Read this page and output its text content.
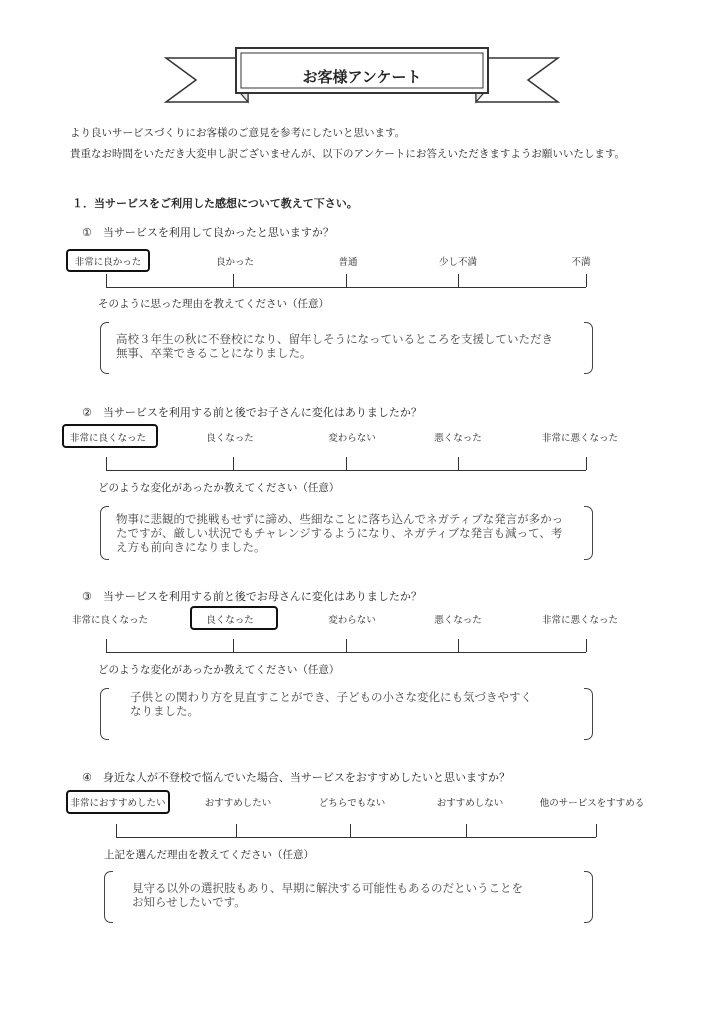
お客様アンケート
より良いサービスづくりにお客様のご意見を参考にしたいと思います。
貴重なお時間をいただき大変申し訳ございませんが、以下のアンケートにお答えいただきますようお願いいたします。
１．当サービスをご利用した感想について教えて下さい。
①　当サービスを利用して良かったと思いますか？
非常に良かった	良かった	普通	少し不満	不満
そのように思った理由を教えてください（任意）
高校３年生の秋に不登校になり、留年しそうになっているところを支援していただき
無事、卒業できることになりました。
②　当サービスを利用する前と後でお子さんに変化はありましたか？
非常に良くなった	良くなった	変わらない	悪くなった	非常に悪くなった
どのような変化があったか教えてください（任意）
物事に悲観的で挑戦もせずに諦め、些細なことに落ち込んでネガティブな発言が多かっ
たですが、厳しい状況でもチャレンジするようになり、ネガティブな発言も減って、考
え方も前向きになりました。
③　当サービスを利用する前と後でお母さんに変化はありましたか？
非常に良くなった	良くなった	変わらない	悪くなった	非常に悪くなった
どのような変化があったか教えてください（任意）
子供との関わり方を見直すことができ、子どもの小さな変化にも気づきやすく
なりました。
④　身近な人が不登校で悩んでいた場合、当サービスをおすすめしたいと思いますか？
非常におすすめしたい	おすすめしたい	どちらでもない	おすすめしない	他のサービスをすすめる
上記を選んだ理由を教えてください（任意）
見守る以外の選択肢もあり、早期に解決する可能性もあるのだということを
お知らせしたいです。
